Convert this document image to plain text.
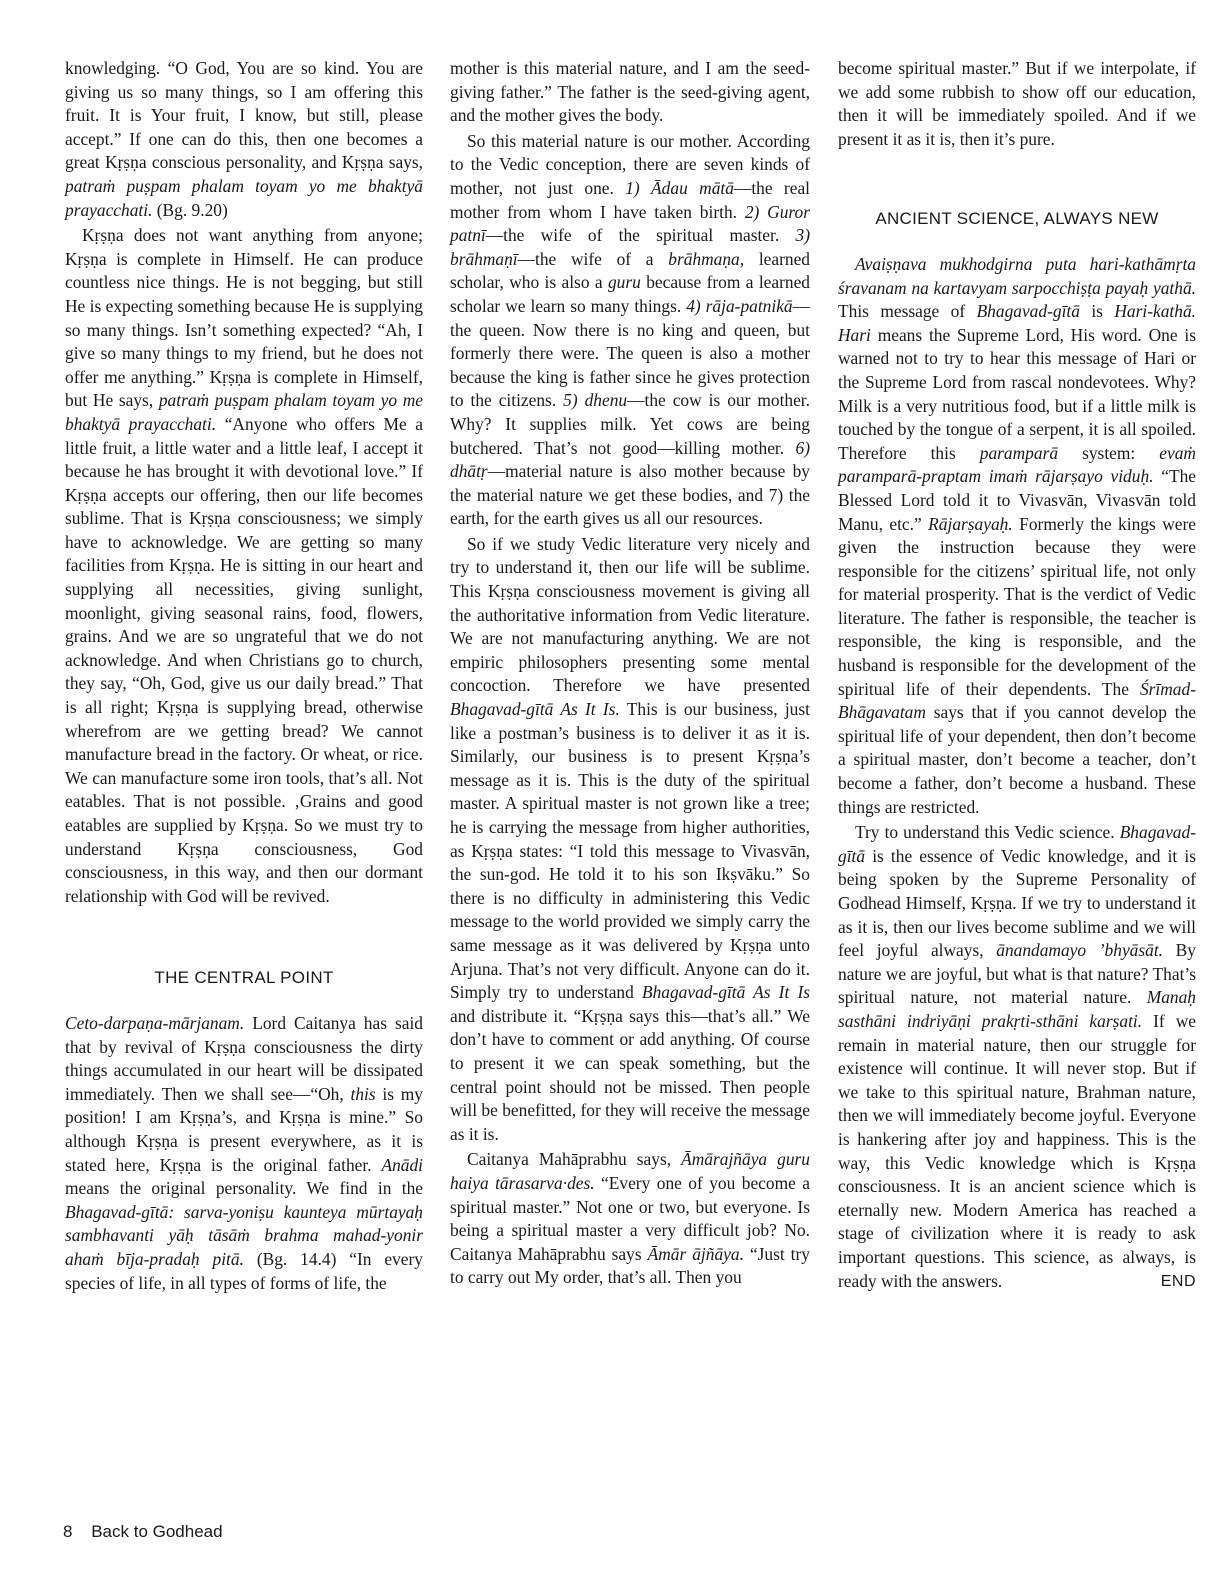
knowledging. “O God, You are so kind. You are giving us so many things, so I am offering this fruit. It is Your fruit, I know, but still, please accept.” If one can do this, then one becomes a great Kṛṣṇa conscious personality, and Kṛṣṇa says, patraṁ puṣpam phalam toyam yo me bhaktyā prayacchati. (Bg. 9.20)

Kṛṣṇa does not want anything from anyone; Kṛṣṇa is complete in Himself. He can produce countless nice things. He is not begging, but still He is expecting something because He is supplying so many things. Isn’t something expected? “Ah, I give so many things to my friend, but he does not offer me anything.” Kṛṣṇa is complete in Himself, but He says, patraṁ puṣpam phalam toyam yo me bhaktyā prayacchati. “Anyone who offers Me a little fruit, a little water and a little leaf, I accept it because he has brought it with devotional love.” If Kṛṣṇa accepts our offering, then our life becomes sublime. That is Kṛṣṇa consciousness; we simply have to acknowledge. We are getting so many facilities from Kṛṣṇa. He is sitting in our heart and supplying all necessities, giving sunlight, moonlight, giving seasonal rains, food, flowers, grains. And we are so ungrateful that we do not acknowledge. And when Christians go to church, they say, “Oh, God, give us our daily bread.” That is all right; Kṛṣṇa is supplying bread, otherwise wherefrom are we getting bread? We cannot manufacture bread in the factory. Or wheat, or rice. We can manufacture some iron tools, that’s all. Not eatables. That is not possible. ‚Grains and good eatables are supplied by Kṛṣṇa. So we must try to understand Kṛṣṇa consciousness, God consciousness, in this way, and then our dormant relationship with God will be revived.

THE CENTRAL POINT

Ceto-darpaṇa-mārjanam. Lord Caitanya has said that by revival of Kṛṣṇa consciousness the dirty things accumulated in our heart will be dissipated immediately. Then we shall see—“Oh, this is my position! I am Kṛṣṇa’s, and Kṛṣṇa is mine.” So although Kṛṣṇa is present everywhere, as it is stated here, Kṛṣṇa is the original father. Anādi means the original personality. We find in the Bhagavad-gītā: sarva-yoniṣu kaunteya mūrtayaḥ sambhavanti yāḥ tāsāṁ brahma mahad-yonir ahaṁ bīja-pradaḥ pitā. (Bg. 14.4) “In every species of life, in all types of forms of life, the

mother is this material nature, and I am the seed-giving father.” The father is the seed-giving agent, and the mother gives the body.

So this material nature is our mother. According to the Vedic conception, there are seven kinds of mother, not just one. 1) Ādau mātā—the real mother from whom I have taken birth. 2) Guror patnī—the wife of the spiritual master. 3) brāhmaṇī—the wife of a brāhmaṇa, learned scholar, who is also a guru because from a learned scholar we learn so many things. 4) rāja-patnikā—the queen. Now there is no king and queen, but formerly there were. The queen is also a mother because the king is father since he gives protection to the citizens. 5) dhenu—the cow is our mother. Why? It supplies milk. Yet cows are being butchered. That’s not good—killing mother. 6) dhātṛ—material nature is also mother because by the material nature we get these bodies, and 7) the earth, for the earth gives us all our resources.

So if we study Vedic literature very nicely and try to understand it, then our life will be sublime. This Kṛṣṇa consciousness movement is giving all the authoritative information from Vedic literature. We are not manufacturing anything. We are not empiric philosophers presenting some mental concoction. Therefore we have presented Bhagavad-gītā As It Is. This is our business, just like a postman’s business is to deliver it as it is. Similarly, our business is to present Kṛṣṇa’s message as it is. This is the duty of the spiritual master. A spiritual master is not grown like a tree; he is carrying the message from higher authorities, as Kṛṣṇa states: “I told this message to Vivasvān, the sun-god. He told it to his son Ikṣvāku.” So there is no difficulty in administering this Vedic message to the world provided we simply carry the same message as it was delivered by Kṛṣṇa unto Arjuna. That’s not very difficult. Anyone can do it. Simply try to understand Bhagavad-gītā As It Is and distribute it. “Kṛṣṇa says this—that’s all.” We don’t have to comment or add anything. Of course to present it we can speak something, but the central point should not be missed. Then people will be benefitted, for they will receive the message as it is.

Caitanya Mahāprabhu says, Āmārajñāya guru haiya tārasarva·des. “Every one of you become a spiritual master.” Not one or two, but everyone. Is being a spiritual master a very difficult job? No. Caitanya Mahāprabhu says Āmār ājñāya. “Just try to carry out My order, that’s all. Then you

become spiritual master.” But if we interpolate, if we add some rubbish to show off our education, then it will be immediately spoiled. And if we present it as it is, then it’s pure.

ANCIENT SCIENCE, ALWAYS NEW

Avaiṣṇava mukhodgirna puta hari-kathāmṛta śravanam na kartavyam sarpocchiṣṭa payaḥ yathā. This message of Bhagavad-gītā is Hari-kathā. Hari means the Supreme Lord, His word. One is warned not to try to hear this message of Hari or the Supreme Lord from rascal nondevotees. Why? Milk is a very nutritious food, but if a little milk is touched by the tongue of a serpent, it is all spoiled. Therefore this paramparā system: evaṁ paramparā-praptam imaṁ rājarṣayo viduḥ. “The Blessed Lord told it to Vivasvān, Vivasvān told Manu, etc.” Rājarṣayaḥ. Formerly the kings were given the instruction because they were responsible for the citizens’ spiritual life, not only for material prosperity. That is the verdict of Vedic literature. The father is responsible, the teacher is responsible, the king is responsible, and the husband is responsible for the development of the spiritual life of their dependents. The Śrīmad-Bhāgavatam says that if you cannot develop the spiritual life of your dependent, then don’t become a spiritual master, don’t become a teacher, don’t become a father, don’t become a husband. These things are restricted.

Try to understand this Vedic science. Bhagavad-gītā is the essence of Vedic knowledge, and it is being spoken by the Supreme Personality of Godhead Himself, Kṛṣṇa. If we try to understand it as it is, then our lives become sublime and we will feel joyful always, ānandamayo ’bhyāsāt. By nature we are joyful, but what is that nature? That’s spiritual nature, not material nature. Manaḥ sasthāni indriyāṇi prakṛti-sthāni karṣati. If we remain in material nature, then our struggle for existence will continue. It will never stop. But if we take to this spiritual nature, Brahman nature, then we will immediately become joyful. Everyone is hankering after joy and happiness. This is the way, this Vedic knowledge which is Kṛṣṇa consciousness. It is an ancient science which is eternally new. Modern America has reached a stage of civilization where it is ready to ask important questions. This science, as always, is ready with the answers.	END

8 Back to Godhead
